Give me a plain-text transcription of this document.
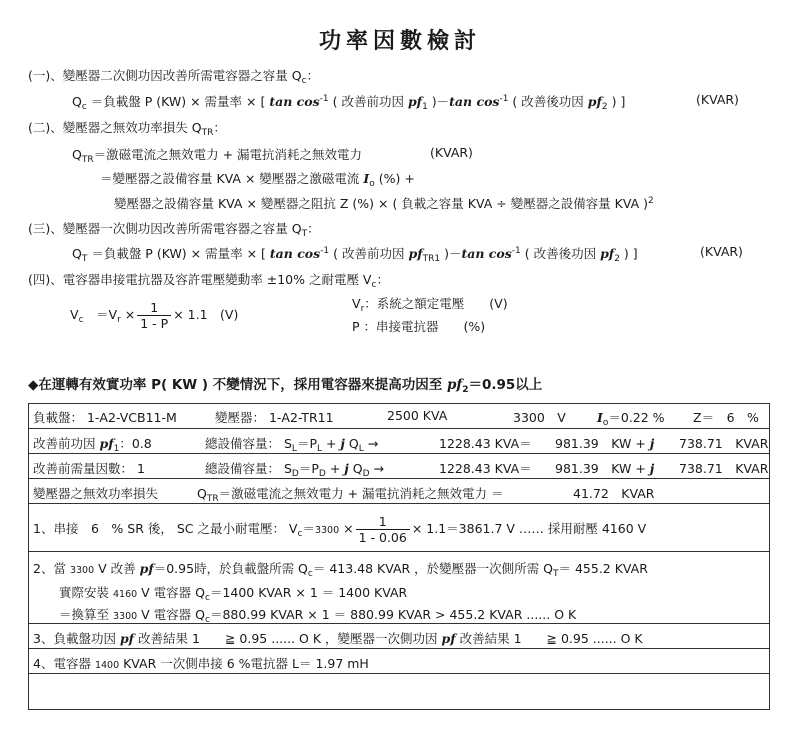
功率因數檢討
(一)、變壓器二次側功因改善所需電容器之容量 $Q_c$：
$Q_c$ ＝負載盤 P (KW) × 需量率 × [ $\tan \cos^{-1}$ ( 改善前功因 $pf_1$ )－tan $\cos^{-1}$ ( 改善後功因 $pf_2$ ) ]	(KVAR)
(二)、變壓器之無效功率損失 $Q_{TR}$：
$Q_{TR}=$激磁電流之無效電力 + 漏電抗消耗之無效電力	(KVAR)
＝變壓器之設備容量 KVA × 變壓器之激磁電流 $I_o$ (%) +
變壓器之設備容量 KVA × 變壓器之阻抗 Z (%) × ( 負載之容量 KVA ÷ 變壓器之設備容量 KVA )$^2$
(三)、變壓器一次側功因改善所需電容器之容量 $Q_T$：
$Q_T$ ＝負載盤 P (KW) × 需量率 × [ $\tan \cos^{-1}$ ( 改善前功因 $pf_{TR1}$ )－tan $\cos^{-1}$ ( 改善後功因 $pf_2$ ) ]	(KVAR)
(四)、電容器串接電抗器及容許電壓變動率 ±10% 之耐電壓 $V_c$：
$V_c$　 $=V_r \times \frac{1}{1 - P} \times 1.1$　 (V)
$V_r$：系統之額定電壓　　 (V)
P ：串接電抗器　　 (%)
◆在運轉有效實功率 P( KW ) 不變情況下，採用電容器來提高功因至 $pf_2=0.95$以上
負載盤： 1-A2-VCB11-M	變壓器： 1-A2-TR11	2500 KVA	3300　V $I_o=0.22$ % Z＝　6　%
改善前功因 $pf_1$：0.8	總設備容量： $S_L=P_L + j$ $Q_L$ →	1228.43 KVA＝ 981.39　KW + j 738.71　KVAR
改善前需量因數： 1	總設備容量： $S_D=P_D + j$ $Q_D$ →	1228.43 KVA＝ 981.39　KW + j 738.71　KVAR
變壓器之無效功率損失	$Q_{TR}=$激磁電流之無效電力 + 漏電抗消耗之無效電力 ＝	41.72　KVAR
1、串接　6　% SR 後， SC 之最小耐電壓： $V_c=3300 \times \frac{1}{1 - 0.06} \times 1.1=3861.7$ V …… 採用耐壓 4160 V
2、當 3300 V 改善 pf＝0.95時，於負載盤所需 $Q_c= 413.48$ KVAR ，於變壓器一次側所需 $Q_T= 455.2$ KVAR
實際安裝 4160 V 電容器 $Q_c=1400$ KVAR × 1 ＝ 1400 KVAR
＝換算至 3300 V 電容器 $Q_c=880.99$ KVAR × 1 ＝ 880.99 KVAR > 455.2 KVAR ...... O K
3、負載盤功因 pf 改善結果 1　　≧ 0.95 ...... O K ，變壓器一次側功因 pf 改善結果 1　　≧ 0.95 ...... O K
4、電容器 1400 KVAR 一次側串接 6 %電抗器 L＝ 1.97 mH
